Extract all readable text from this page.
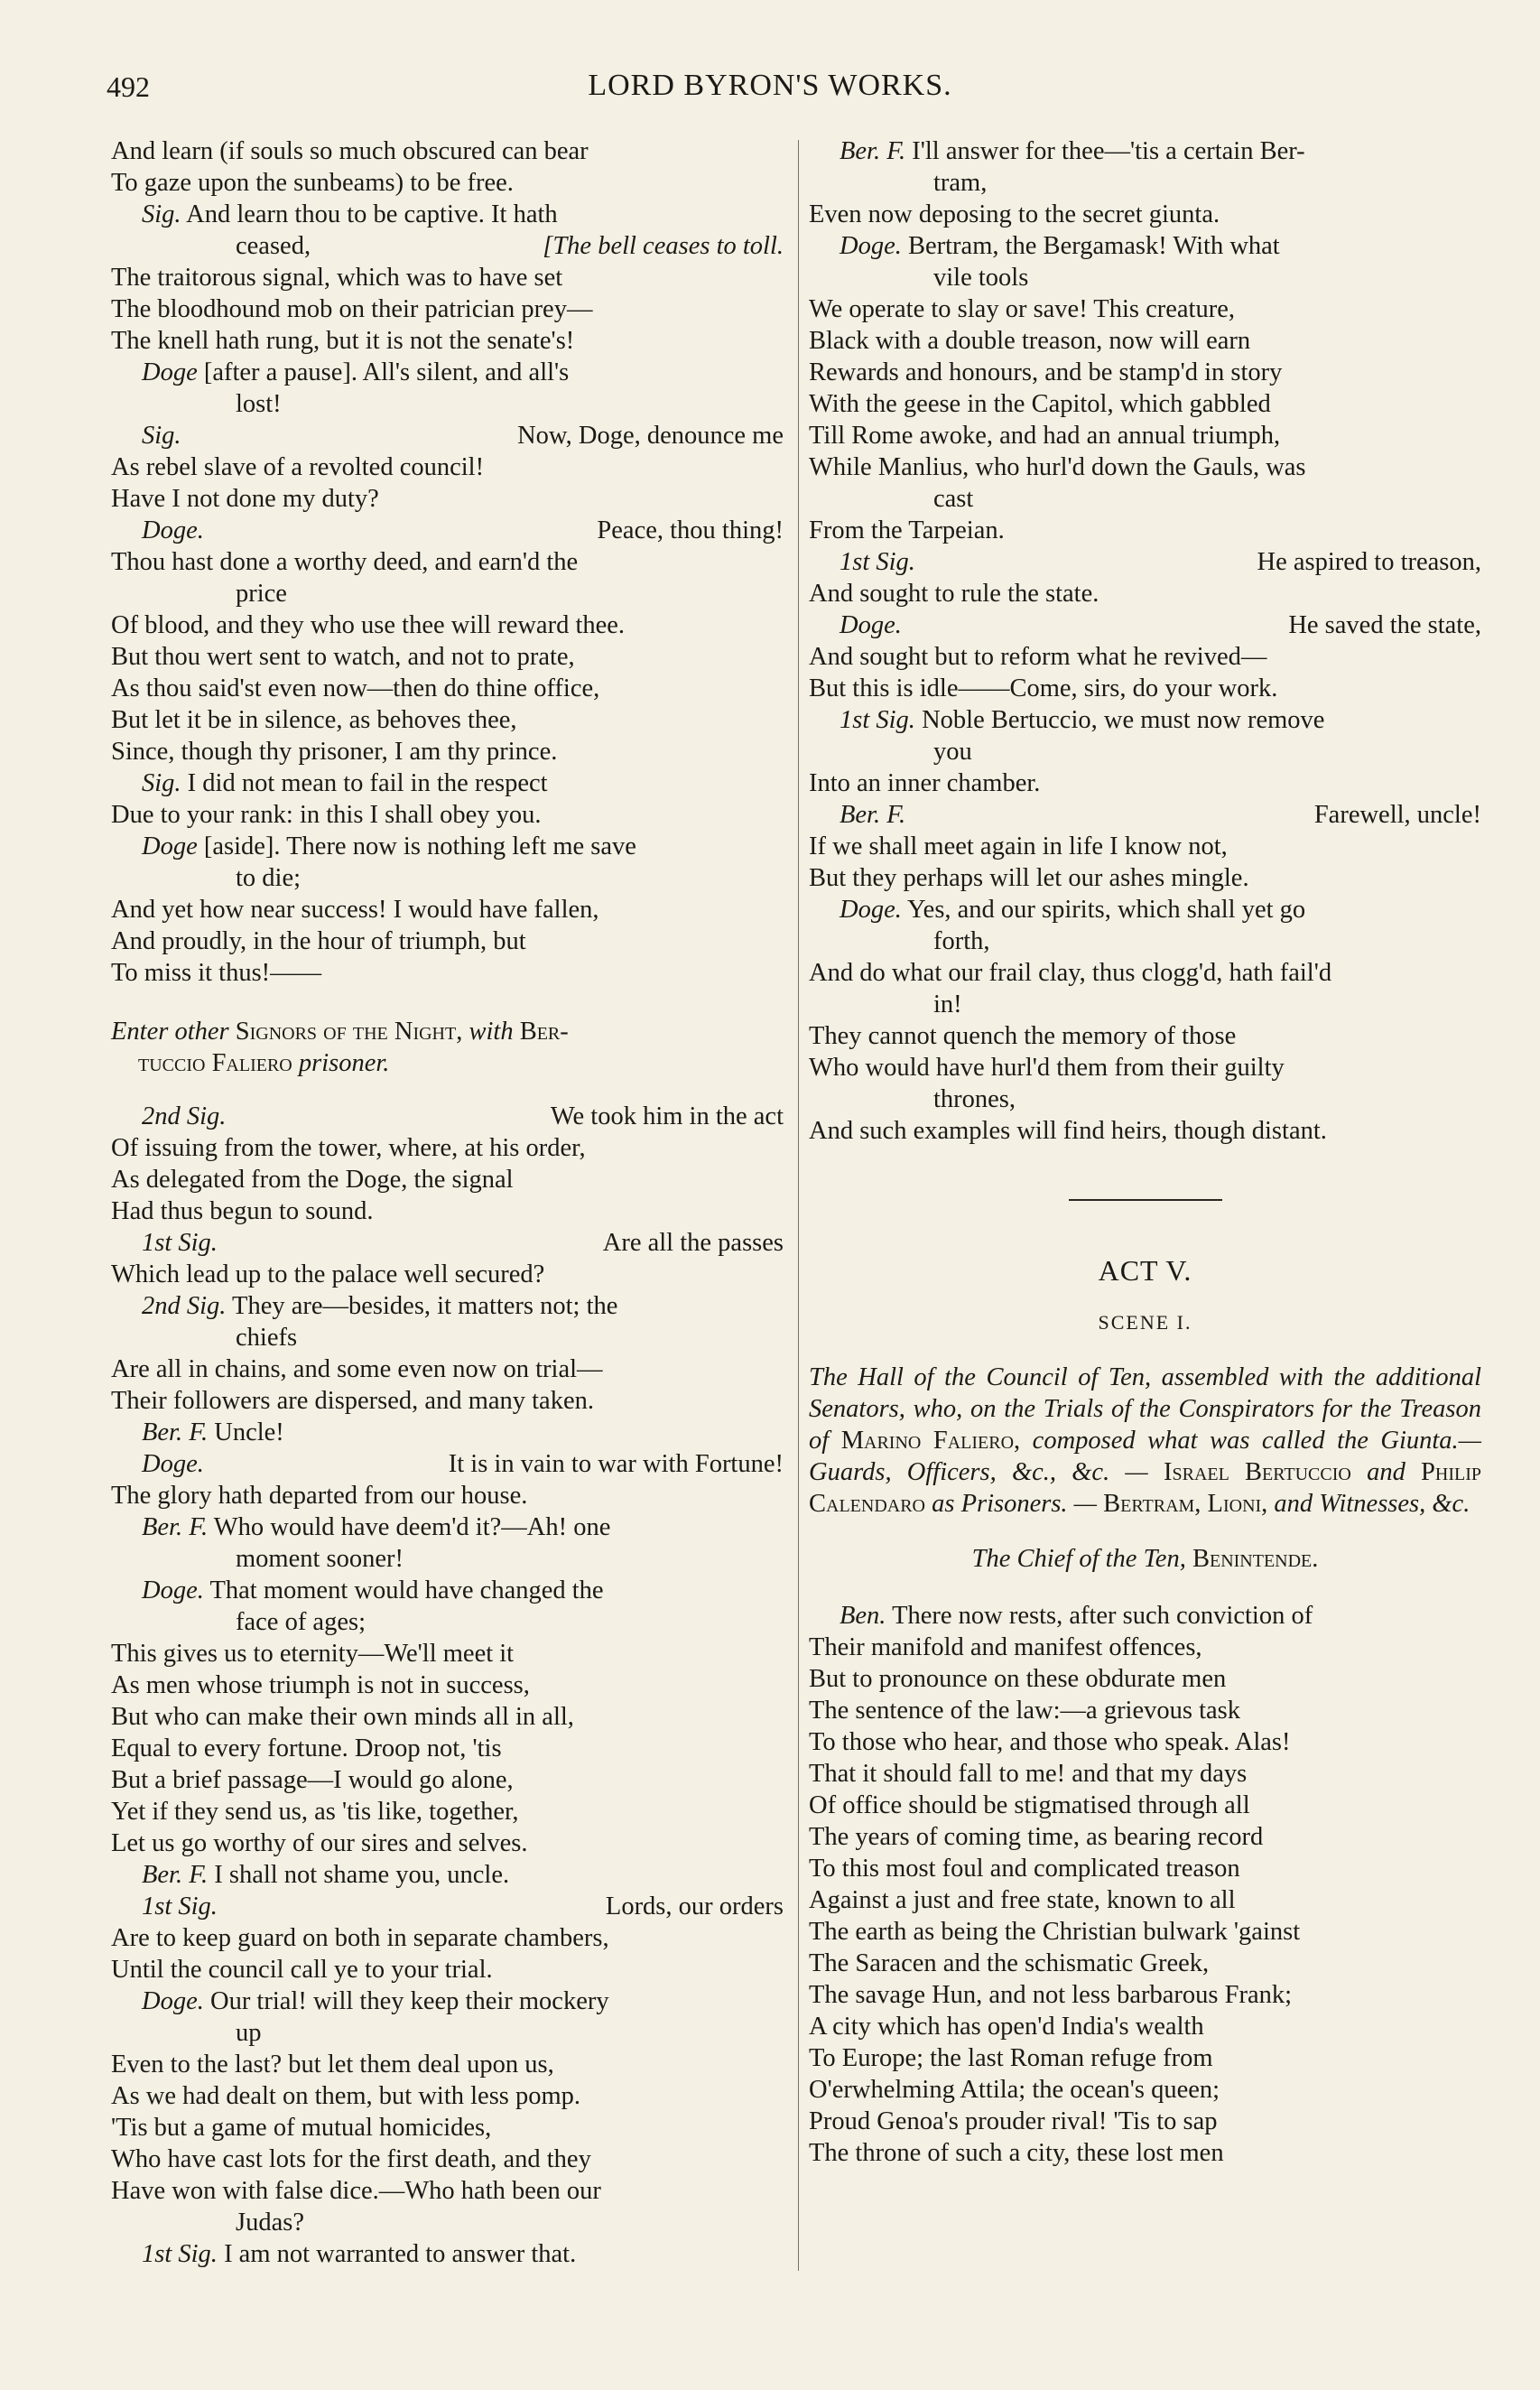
492	LORD BYRON'S WORKS.
And learn (if souls so much obscured can bear
To gaze upon the sunbeams) to be free.
Sig. And learn thou to be captive. It hath
ceased,	[The bell ceases to toll.
The traitorous signal, which was to have set
The bloodhound mob on their patrician prey—
The knell hath rung, but it is not the senate's!
Doge [after a pause]. All's silent, and all's
lost!
Sig.	Now, Doge, denounce me
As rebel slave of a revolted council!
Have I not done my duty?
Doge.	Peace, thou thing!
Thou hast done a worthy deed, and earn'd the
price
Of blood, and they who use thee will reward thee.
But thou wert sent to watch, and not to prate,
As thou said'st even now—then do thine office,
But let it be in silence, as behoves thee,
Since, though thy prisoner, I am thy prince.
Sig. I did not mean to fail in the respect
Due to your rank: in this I shall obey you.
Doge [aside]. There now is nothing left me save
to die;
And yet how near success! I would have fallen,
And proudly, in the hour of triumph, but
To miss it thus!——
Enter other Signors of the Night, with Ber-
tuccio Faliero prisoner.
2nd Sig.	We took him in the act
Of issuing from the tower, where, at his order,
As delegated from the Doge, the signal
Had thus begun to sound.
1st Sig.	Are all the passes
Which lead up to the palace well secured?
2nd Sig. They are—besides, it matters not; the
chiefs
Are all in chains, and some even now on trial—
Their followers are dispersed, and many taken.
Ber. F. Uncle!
Doge.	It is in vain to war with Fortune!
The glory hath departed from our house.
Ber. F. Who would have deem'd it?—Ah! one
moment sooner!
Doge. That moment would have changed the
face of ages;
This gives us to eternity—We'll meet it
As men whose triumph is not in success,
But who can make their own minds all in all,
Equal to every fortune. Droop not, 'tis
But a brief passage—I would go alone,
Yet if they send us, as 'tis like, together,
Let us go worthy of our sires and selves.
Ber. F. I shall not shame you, uncle.
1st Sig.	Lords, our orders
Are to keep guard on both in separate chambers,
Until the council call ye to your trial.
Doge. Our trial! will they keep their mockery
up
Even to the last? but let them deal upon us,
As we had dealt on them, but with less pomp.
'Tis but a game of mutual homicides,
Who have cast lots for the first death, and they
Have won with false dice.—Who hath been our
Judas?
1st Sig. I am not warranted to answer that.
Ber. F. I'll answer for thee—'tis a certain Ber-
tram,
Even now deposing to the secret giunta.
Doge. Bertram, the Bergamask! With what
vile tools
We operate to slay or save! This creature,
Black with a double treason, now will earn
Rewards and honours, and be stamp'd in story
With the geese in the Capitol, which gabbled
Till Rome awoke, and had an annual triumph,
While Manlius, who hurl'd down the Gauls, was
cast
From the Tarpeian.
1st Sig.	He aspired to treason,
And sought to rule the state.
Doge.	He saved the state,
And sought but to reform what he revived—
But this is idle——Come, sirs, do your work.
1st Sig. Noble Bertuccio, we must now remove
you
Into an inner chamber.
Ber. F.	Farewell, uncle!
If we shall meet again in life I know not,
But they perhaps will let our ashes mingle.
Doge. Yes, and our spirits, which shall yet go
forth,
And do what our frail clay, thus clogg'd, hath fail'd
in!
They cannot quench the memory of those
Who would have hurl'd them from their guilty
thrones,
And such examples will find heirs, though distant.
ACT V.
SCENE I.
The Hall of the Council of Ten, assembled with the additional Senators, who, on the Trials of the Conspirators for the Treason of Marino Faliero, composed what was called the Giunta.—Guards, Officers, &c., &c. — Israel Bertuccio and Philip Calendaro as Prisoners. — Bertram, Lioni, and Witnesses, &c.
The Chief of the Ten, Benintende.
Ben. There now rests, after such conviction of
Their manifold and manifest offences,
But to pronounce on these obdurate men
The sentence of the law:—a grievous task
To those who hear, and those who speak. Alas!
That it should fall to me! and that my days
Of office should be stigmatised through all
The years of coming time, as bearing record
To this most foul and complicated treason
Against a just and free state, known to all
The earth as being the Christian bulwark 'gainst
The Saracen and the schismatic Greek,
The savage Hun, and not less barbarous Frank;
A city which has open'd India's wealth
To Europe; the last Roman refuge from
O'erwhelming Attila; the ocean's queen;
Proud Genoa's prouder rival! 'Tis to sap
The throne of such a city, these lost men
